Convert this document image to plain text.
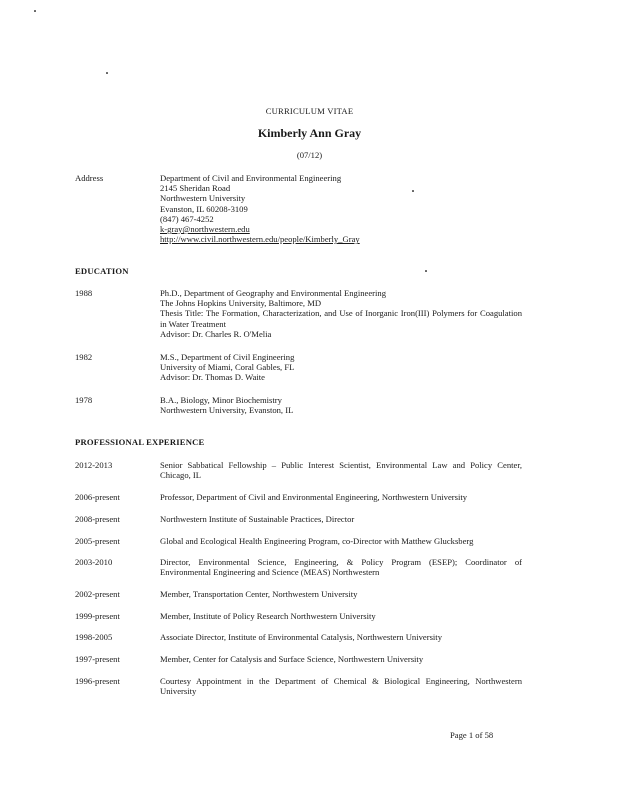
CURRICULUM VITAE
Kimberly Ann Gray
(07/12)
Address	Department of Civil and Environmental Engineering
2145 Sheridan Road
Northwestern University
Evanston, IL 60208-3109
(847) 467-4252
k-gray@northwestern.edu
http://www.civil.northwestern.edu/people/Kimberly_Gray
EDUCATION
1988	Ph.D., Department of Geography and Environmental Engineering
The Johns Hopkins University, Baltimore, MD
Thesis Title: The Formation, Characterization, and Use of Inorganic Iron(III) Polymers for Coagulation in Water Treatment
Advisor: Dr. Charles R. O'Melia
1982	M.S., Department of Civil Engineering
University of Miami, Coral Gables, FL
Advisor: Dr. Thomas D. Waite
1978	B.A., Biology, Minor Biochemistry
Northwestern University, Evanston, IL
PROFESSIONAL EXPERIENCE
2012-2013	Senior Sabbatical Fellowship – Public Interest Scientist, Environmental Law and Policy Center, Chicago, IL
2006-present	Professor, Department of Civil and Environmental Engineering, Northwestern University
2008-present	Northwestern Institute of Sustainable Practices, Director
2005-present	Global and Ecological Health Engineering Program, co-Director with Matthew Glucksberg
2003-2010	Director, Environmental Science, Engineering, & Policy Program (ESEP); Coordinator of Environmental Engineering and Science (MEAS) Northwestern
2002-present	Member, Transportation Center, Northwestern University
1999-present	Member, Institute of Policy Research Northwestern University
1998-2005	Associate Director, Institute of Environmental Catalysis, Northwestern University
1997-present	Member, Center for Catalysis and Surface Science, Northwestern University
1996-present	Courtesy Appointment in the Department of Chemical & Biological Engineering, Northwestern University
Page 1 of 58
